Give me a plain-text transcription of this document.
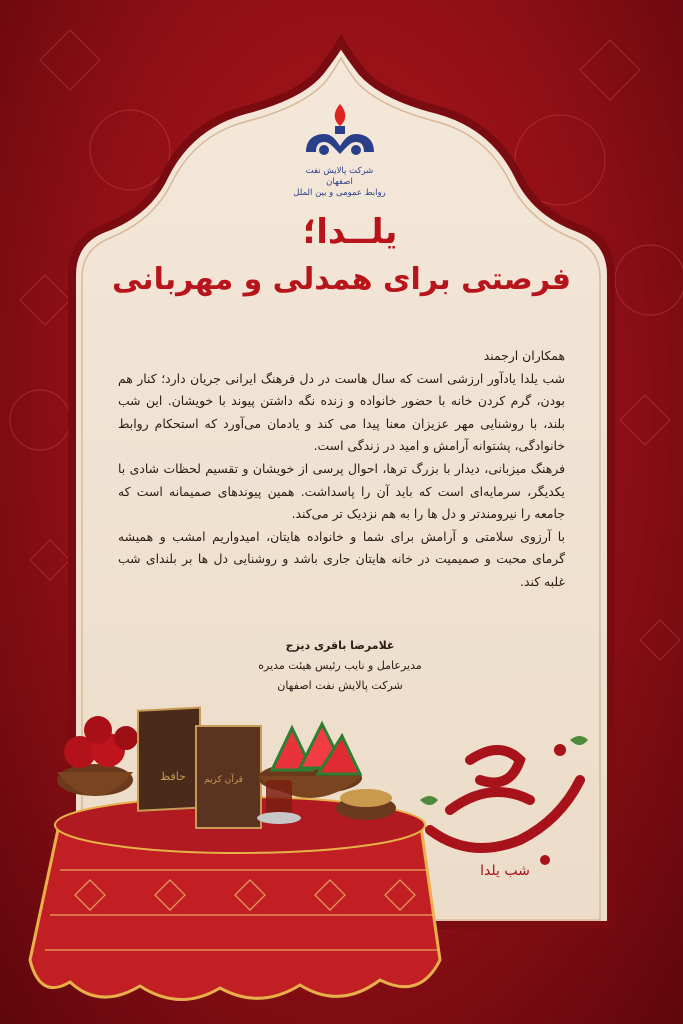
شرکت پالایش نفت اصفهان

روابط عمومی و بین الملل

یلــدا؛
فرصتی برای همدلی و مهربانی

همکاران ارجمند

شب یلدا یادآور ارزشی است که سال هاست در دل فرهنگ ایرانی جریان دارد؛ کنار هم بودن، گرم کردن خانه با حضور خانواده و زنده نگه داشتن پیوند با خویشان. این شب بلند، با روشنایی مهر عزیزان معنا پیدا می کند و یادمان می‌آورد که استحکام روابط خانوادگی، پشتوانه آرامش و امید در زندگی است.

فرهنگ میزبانی، دیدار با بزرگ ترها، احوال پرسی از خویشان و تقسیم لحظات شادی با یکدیگر، سرمایه‌ای است که باید آن را پاسداشت. همین پیوندهای صمیمانه است که جامعه را نیرومندتر و دل ها را به هم نزدیک تر می‌کند.

با آرزوی سلامتی و آرامش برای شما و خانواده هایتان، امیدواریم امشب و همیشه گرمای محبت و صمیمیت در خانه هایتان جاری باشد و روشنایی دل ها بر بلندای شب غلبه کند.

غلامرضا باقری دیزج

مدیرعامل و نایب رئیس هیئت مدیره

شرکت پالایش نفت اصفهان

حافظ قرآن کریم
شب یلدا
